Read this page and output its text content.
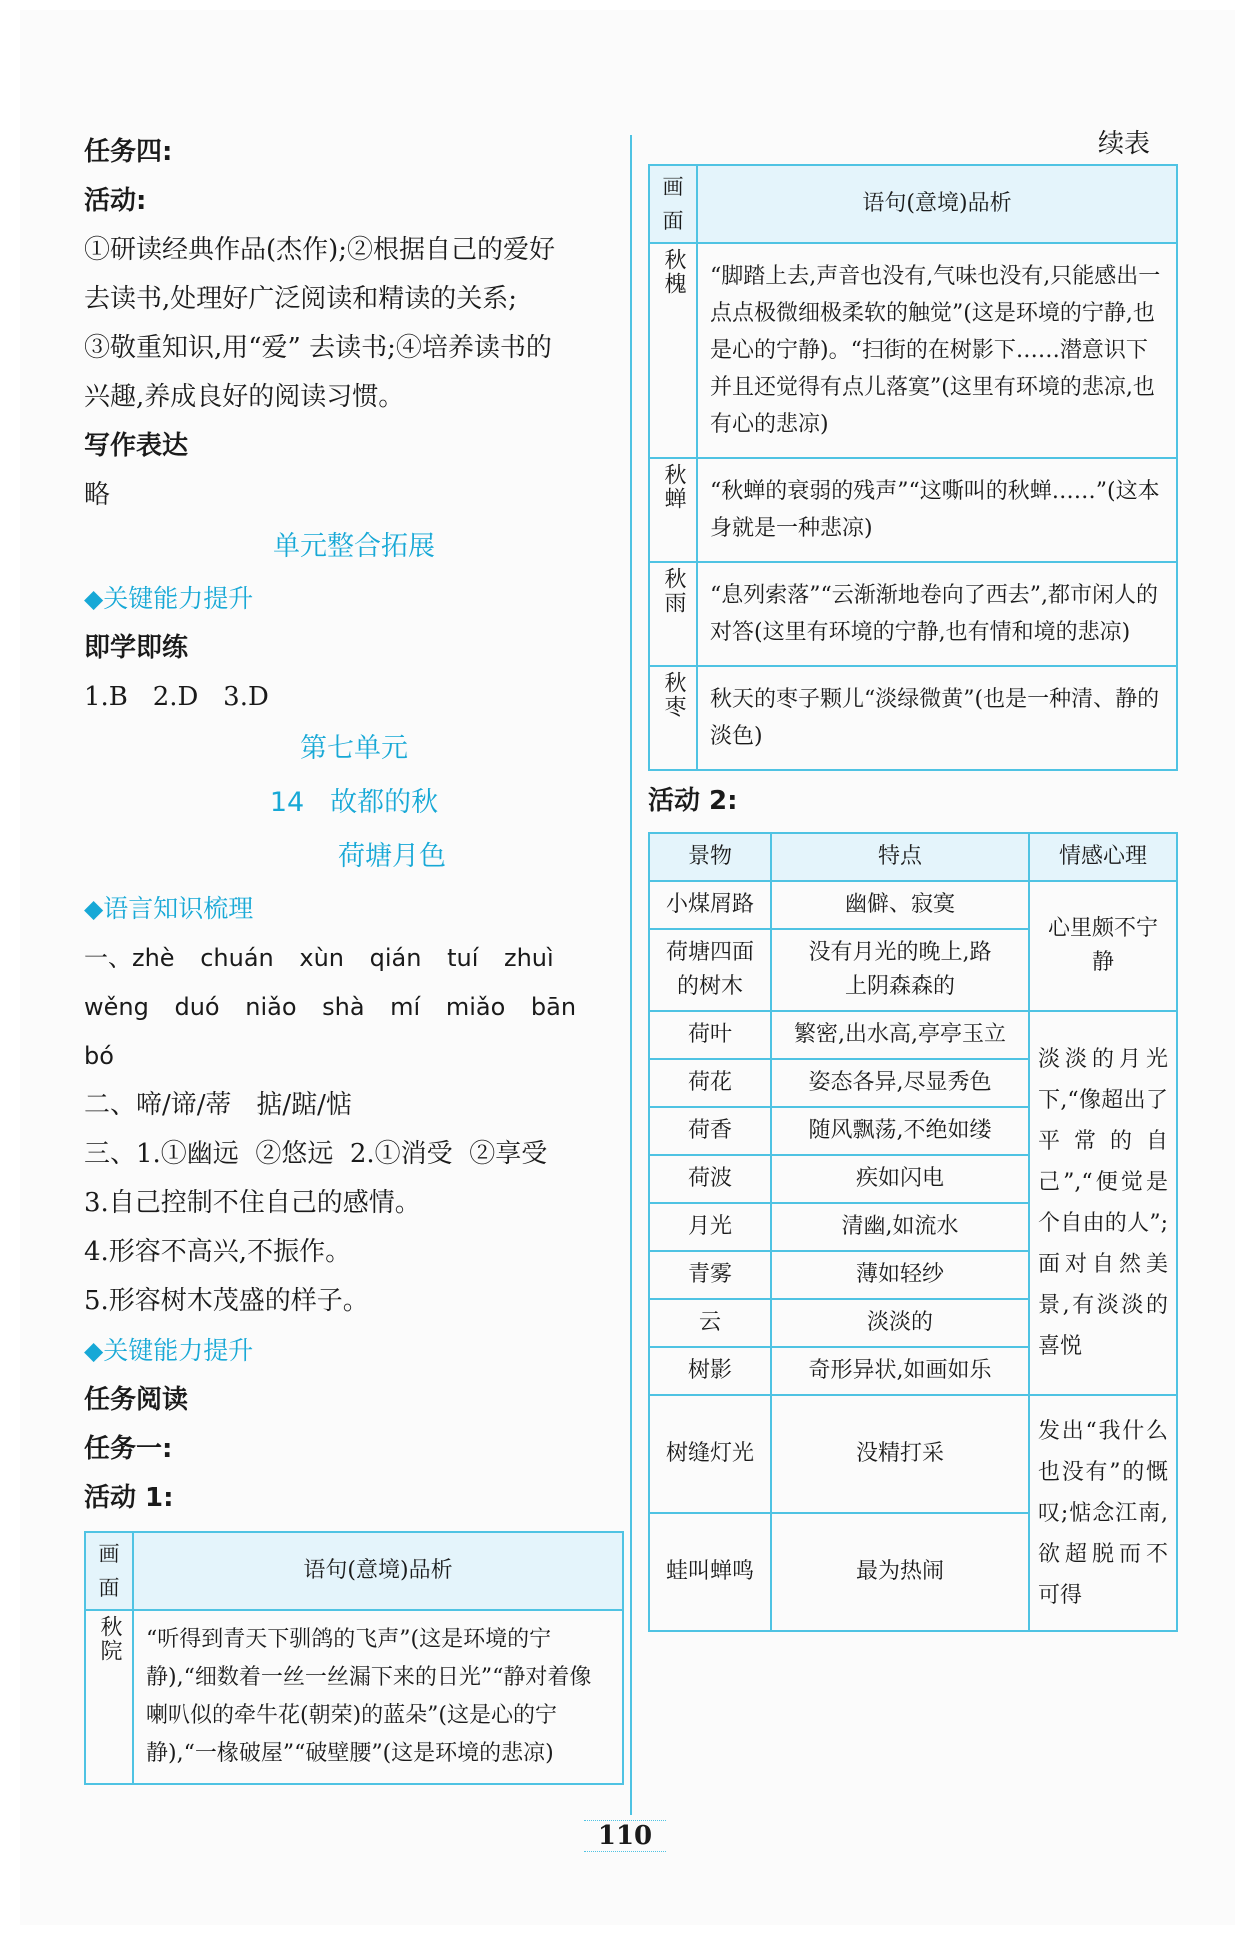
任务四:
活动:
①研读经典作品(杰作);②根据自己的爱好
去读书,处理好广泛阅读和精读的关系;
③敬重知识,用“爱” 去读书;④培养读书的
兴趣,养成良好的阅读习惯。
写作表达
略
单元整合拓展
◆关键能力提升
即学即练
1.B   2.D   3.D
第七单元
14 故都的秋
荷塘月色
◆语言知识梳理
一、zhè chuán xùn qián tuí zhuì
wěng duó niǎo shà mí miǎo bān
bó
二、啼/谛/蒂   掂/踮/惦
三、1.①幽远  ②悠远  2.①消受  ②享受
3.自己控制不住自己的感情。
4.形容不高兴,不振作。
5.形容树木茂盛的样子。
◆关键能力提升
任务阅读
任务一:
活动 1:
画面	语句(意境)品析
秋院	“听得到青天下驯鸽的飞声”(这是环境的宁静),“细数着一丝一丝漏下来的日光”“静对着像喇叭似的牵牛花(朝荣)的蓝朵”(这是心的宁静),“一椽破屋”“破壁腰”(这是环境的悲凉)
续表
画面	语句(意境)品析
秋槐	“脚踏上去,声音也没有,气味也没有,只能感出一点点极微细极柔软的触觉”(这是环境的宁静,也是心的宁静)。“扫街的在树影下……潜意识下并且还觉得有点儿落寞”(这里有环境的悲凉,也有心的悲凉)
秋蝉	“秋蝉的衰弱的残声”“这嘶叫的秋蝉……”(这本身就是一种悲凉)
秋雨	“息列索落”“云渐渐地卷向了西去”,都市闲人的对答(这里有环境的宁静,也有情和境的悲凉)
秋枣	秋天的枣子颗儿“淡绿微黄”(也是一种清、静的淡色)
活动 2:
景物	特点	情感心理
小煤屑路	幽僻、寂寞	心里颇不宁静
荷塘四面的树木	没有月光的晚上,路上阴森森的	
荷叶	繁密,出水高,亭亭玉立	淡淡的月光下,“像超出了平常的自己”,“便觉是个自由的人”;面对自然美景,有淡淡的喜悦
荷花	姿态各异,尽显秀色	
荷香	随风飘荡,不绝如缕	
荷波	疾如闪电	
月光	清幽,如流水	
青雾	薄如轻纱	
云	淡淡的	
树影	奇形异状,如画如乐	
树缝灯光	没精打采	发出“我什么也没有”的慨叹;惦念江南,欲超脱而不可得
蛙叫蝉鸣	最为热闹	
110
